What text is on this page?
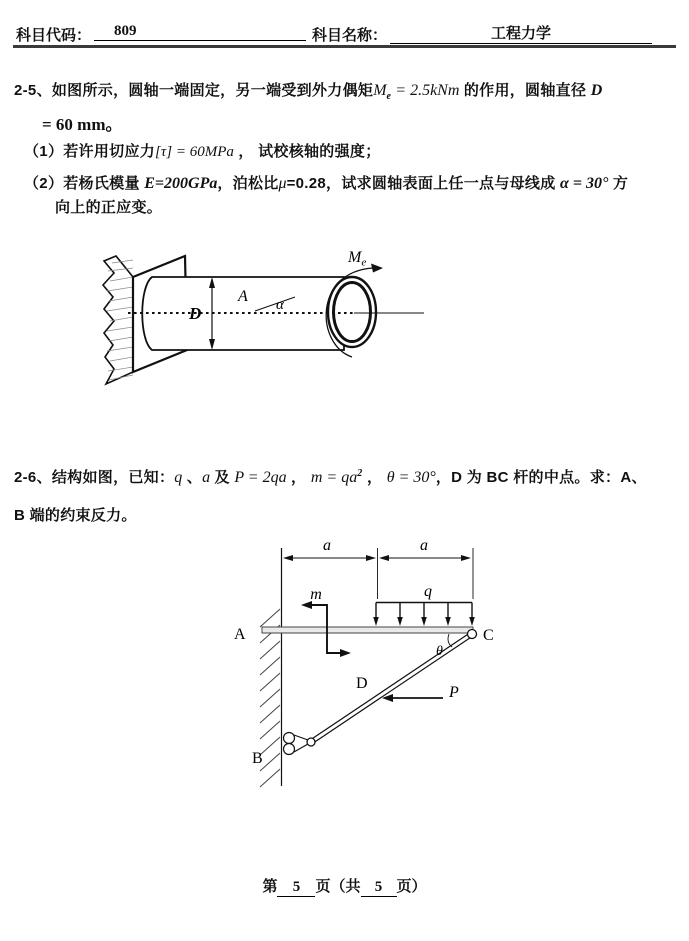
科目代码：	809	科目名称：	工程力学
2-5、如图所示，圆轴一端固定，另一端受到外力偶矩$M_e = 2.5kNm$ 的作用，圆轴直径 D
= 60 mm。
（1）若许用切应力[τ] = 60MPa ， 试校核轴的强度；
（2）若杨氏模量 E=200GPa，泊松比μ=0.28，试求圆轴表面上任一点与母线成 α = 30° 方
向上的正应变。
D
A α
$M_e$
2-6、结构如图，已知：q 、a 及 P = 2qa ， $m = qa^2$ ， θ = 30°，D 为 BC 杆的中点。求：A、
B 端的约束反力。
a	a
q
A
m
θ
C
D
P
B
第 5 页（共 5 页）
